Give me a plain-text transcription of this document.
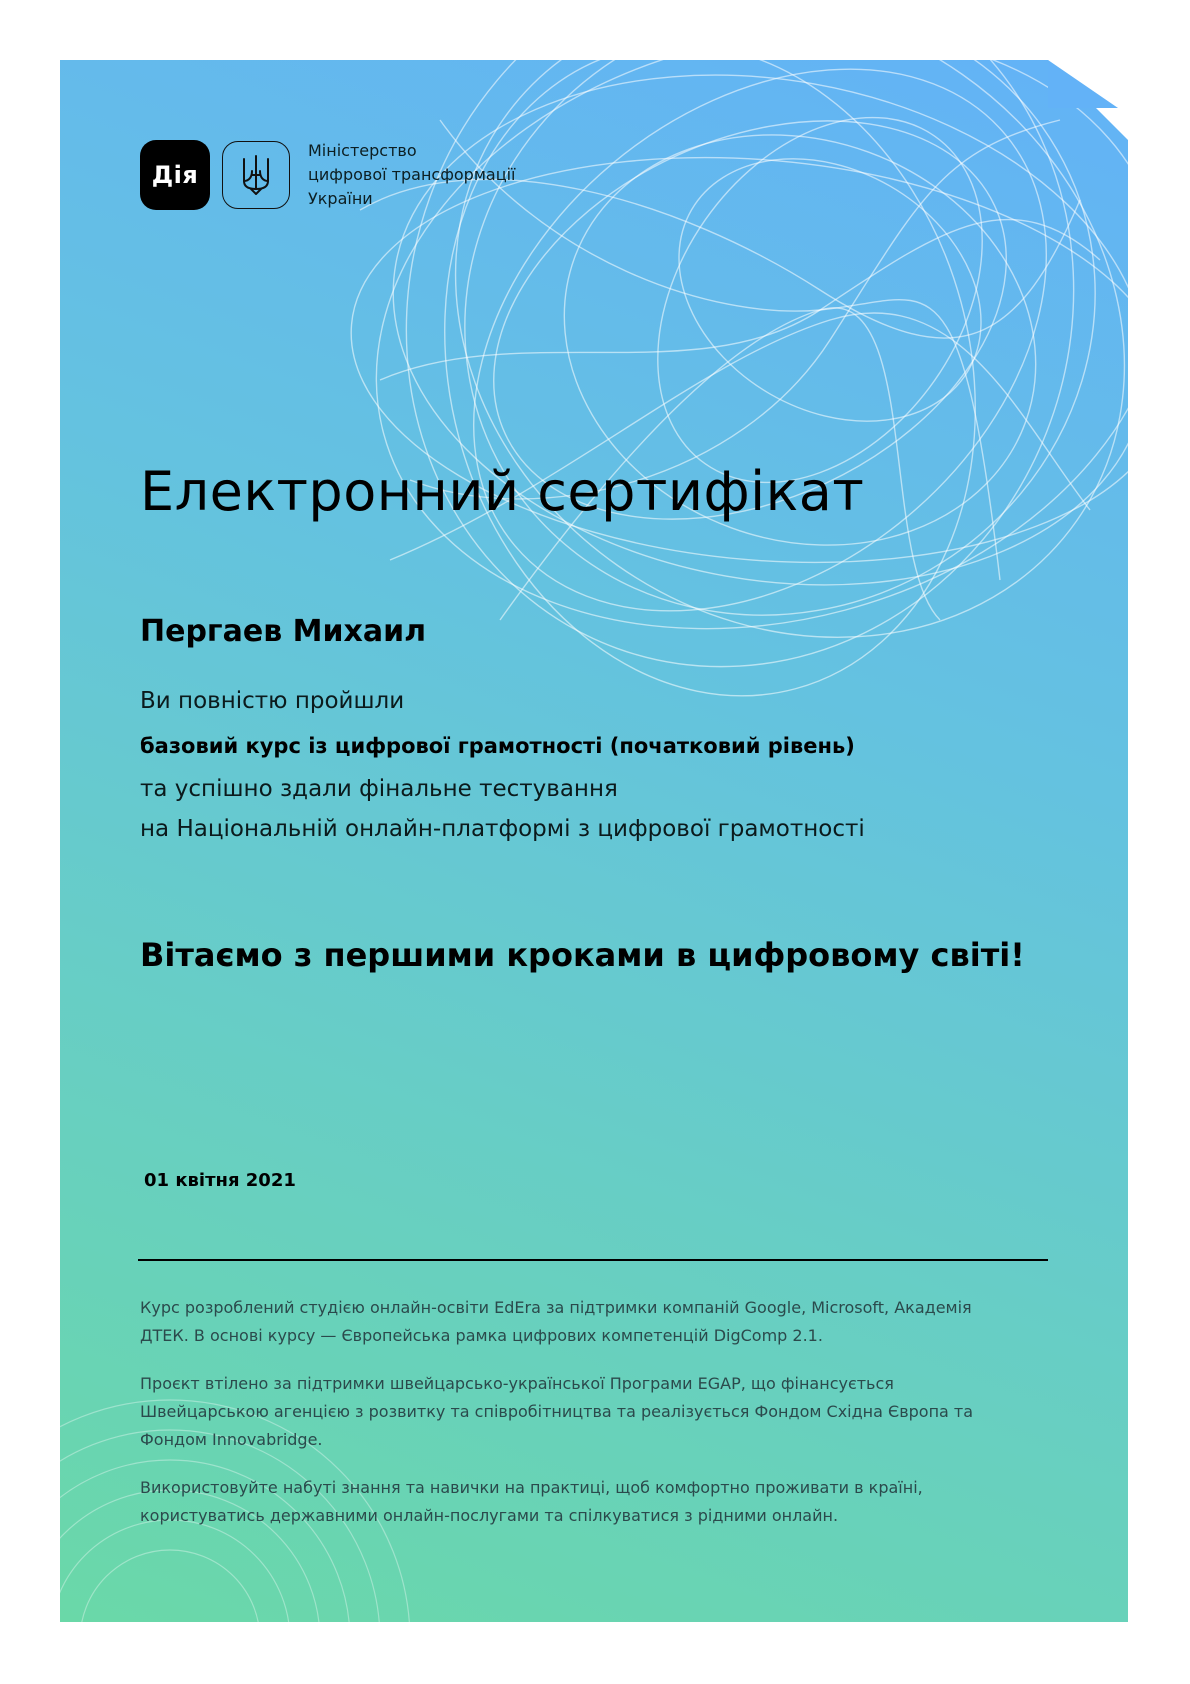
Дія
Міністерство
цифрової трансформації
України
Електронний сертифікат
Пергаев Михаил
Ви повністю пройшли
базовий курс із цифрової грамотності (початковий рівень)
та успішно здали фінальне тестування
на Національній онлайн-платформі з цифрової грамотності
Вітаємо з першими кроками в цифровому світі!
01 квітня 2021
Курс розроблений студією онлайн-освіти EdEra за підтримки компаній Google, Microsoft, Академія
ДТЕК. В основі курсу — Європейська рамка цифрових компетенцій DigComp 2.1.
Проєкт втілено за підтримки швейцарсько-української Програми EGAP, що фінансується
Швейцарською агенцією з розвитку та співробітництва та реалізується Фондом Східна Європа та
Фондом Innovabridge.
Використовуйте набуті знання та навички на практиці, щоб комфортно проживати в країні,
користуватись державними онлайн-послугами та спілкуватися з рідними онлайн.
